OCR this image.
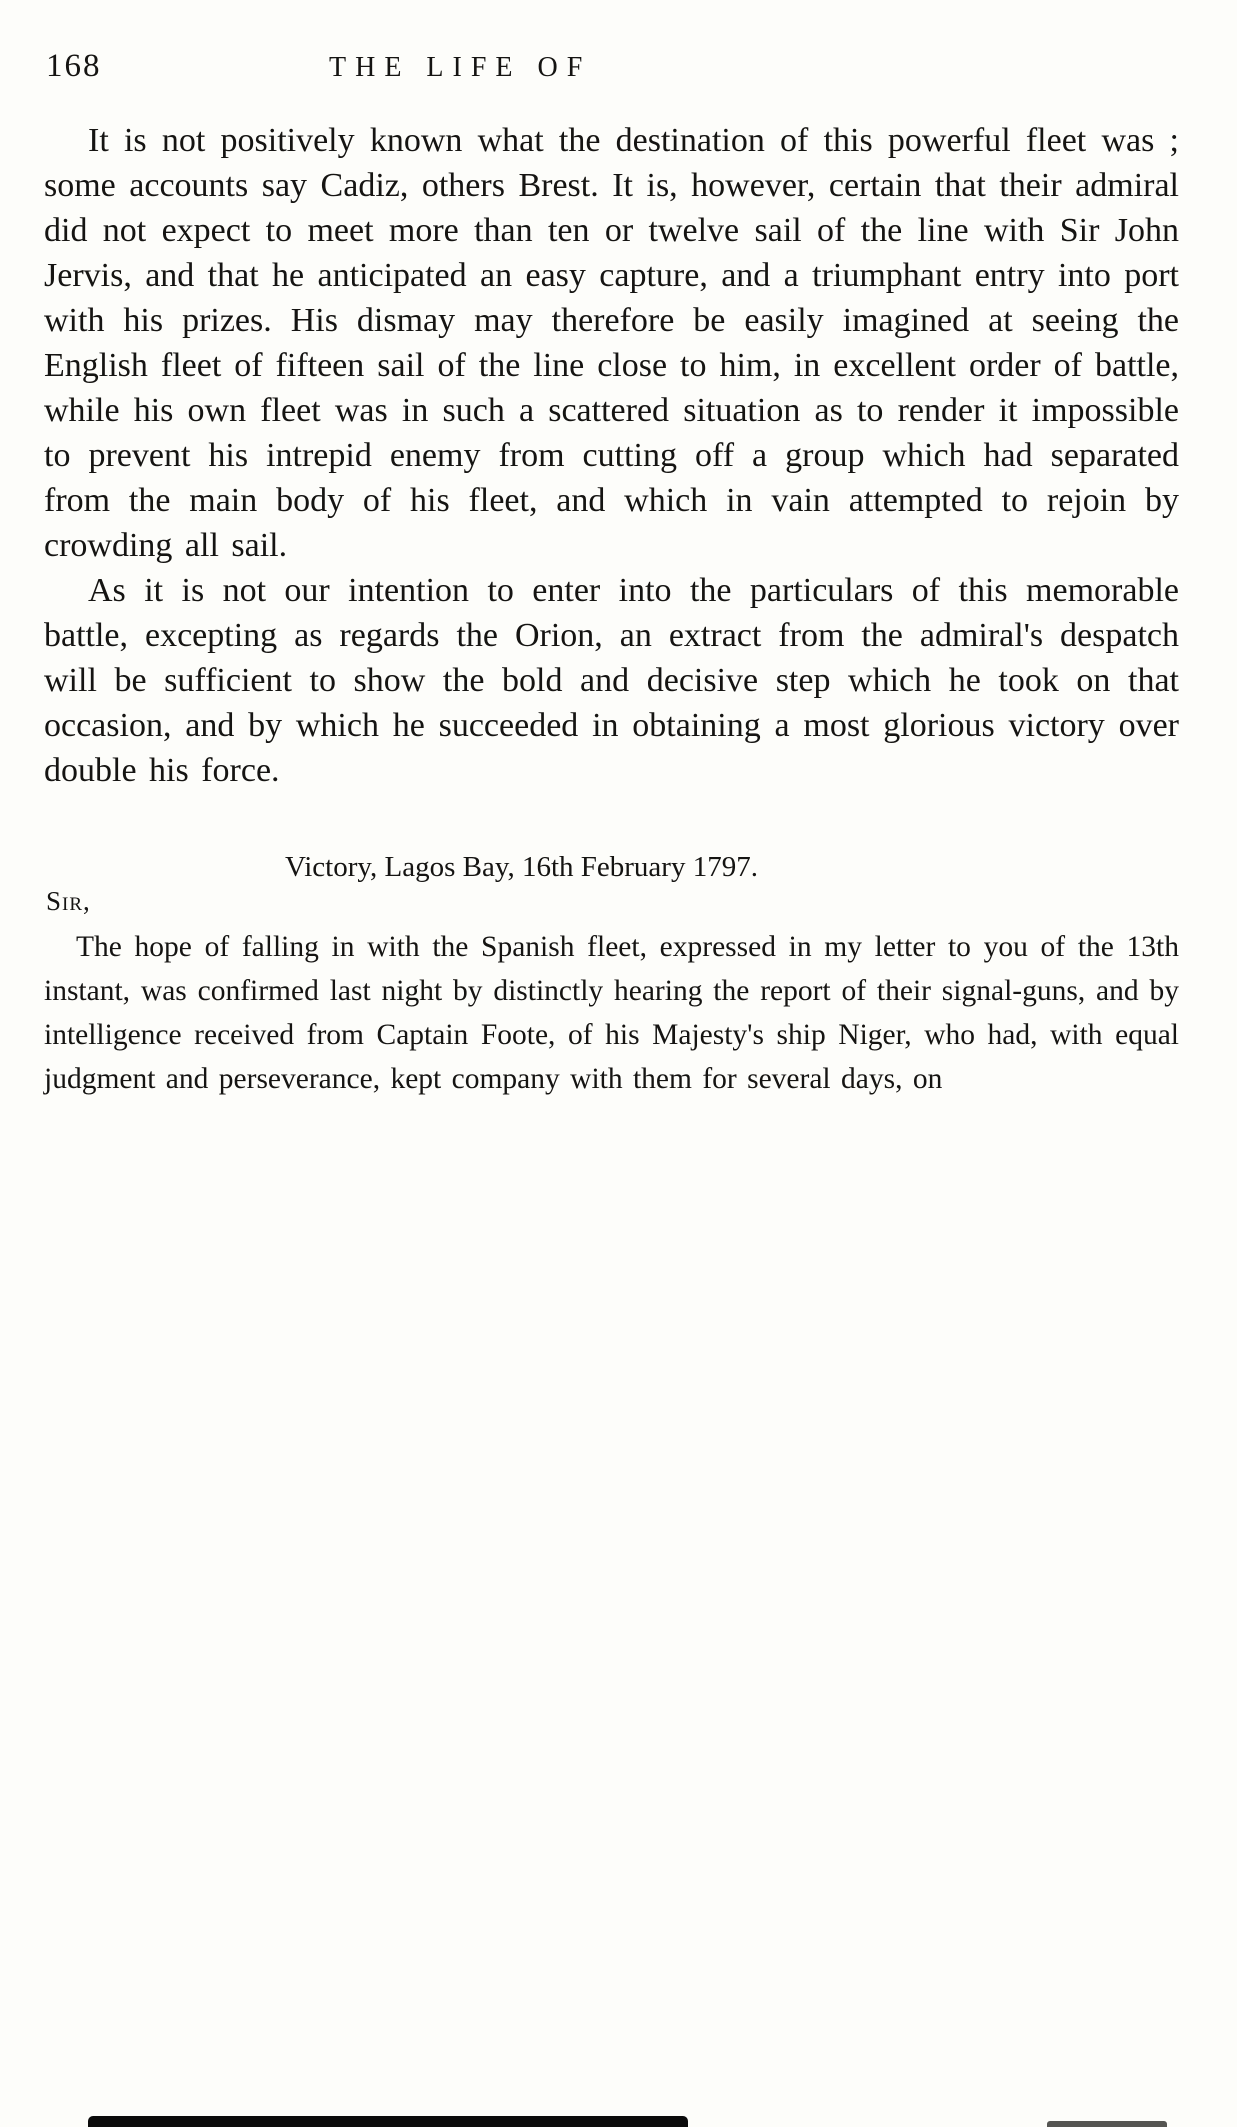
168	THE LIFE OF

It is not positively known what the destination of this powerful fleet was ; some accounts say Cadiz, others Brest. It is, however, certain that their admiral did not expect to meet more than ten or twelve sail of the line with Sir John Jervis, and that he anticipated an easy capture, and a triumphant entry into port with his prizes. His dismay may therefore be easily imagined at seeing the English fleet of fifteen sail of the line close to him, in excellent order of battle, while his own fleet was in such a scattered situation as to render it impossible to prevent his intrepid enemy from cutting off a group which had separated from the main body of his fleet, and which in vain attempted to rejoin by crowding all sail.

As it is not our intention to enter into the particulars of this memorable battle, excepting as regards the Orion, an extract from the admiral's despatch will be sufficient to show the bold and decisive step which he took on that occasion, and by which he succeeded in obtaining a most glorious victory over double his force.

Victory, Lagos Bay, 16th February 1797.

Sir,

The hope of falling in with the Spanish fleet, expressed in my letter to you of the 13th instant, was confirmed last night by distinctly hearing the report of their signal-guns, and by intelligence received from Captain Foote, of his Majesty's ship Niger, who had, with equal judgment and perseverance, kept company with them for several days, on
